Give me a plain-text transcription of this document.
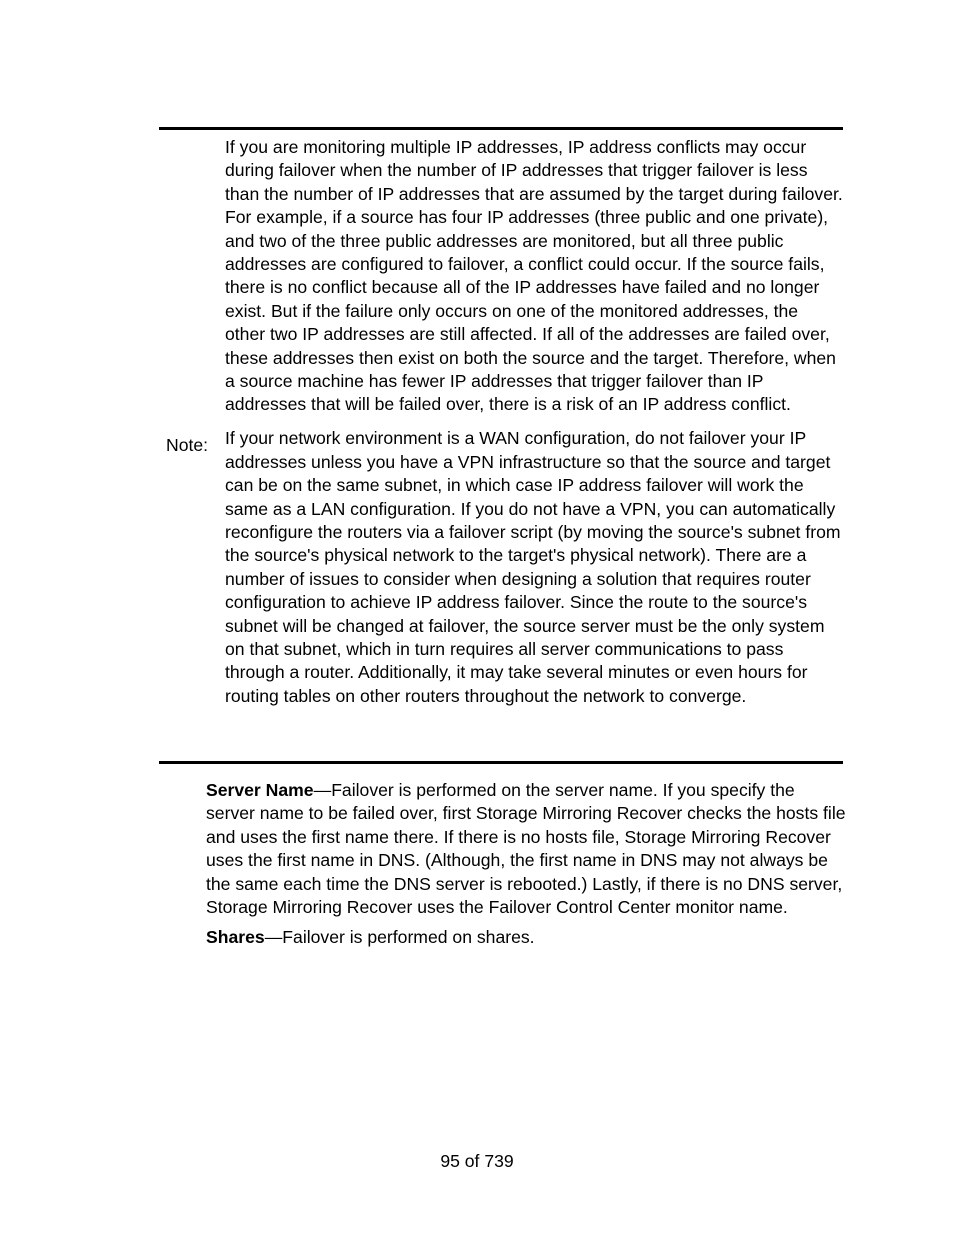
Note:

If you are monitoring multiple IP addresses, IP address conflicts may occur during failover when the number of IP addresses that trigger failover is less than the number of IP addresses that are assumed by the target during failover. For example, if a source has four IP addresses (three public and one private), and two of the three public addresses are monitored, but all three public addresses are configured to failover, a conflict could occur. If the source fails, there is no conflict because all of the IP addresses have failed and no longer exist. But if the failure only occurs on one of the monitored addresses, the other two IP addresses are still affected. If all of the addresses are failed over, these addresses then exist on both the source and the target. Therefore, when a source machine has fewer IP addresses that trigger failover than IP addresses that will be failed over, there is a risk of an IP address conflict.

If your network environment is a WAN configuration, do not failover your IP addresses unless you have a VPN infrastructure so that the source and target can be on the same subnet, in which case IP address failover will work the same as a LAN configuration. If you do not have a VPN, you can automatically reconfigure the routers via a failover script (by moving the source's subnet from the source's physical network to the target's physical network). There are a number of issues to consider when designing a solution that requires router configuration to achieve IP address failover. Since the route to the source's subnet will be changed at failover, the source server must be the only system on that subnet, which in turn requires all server communications to pass through a router. Additionally, it may take several minutes or even hours for routing tables on other routers throughout the network to converge.

Server Name—Failover is performed on the server name. If you specify the server name to be failed over, first Storage Mirroring Recover checks the hosts file and uses the first name there. If there is no hosts file, Storage Mirroring Recover uses the first name in DNS. (Although, the first name in DNS may not always be the same each time the DNS server is rebooted.) Lastly, if there is no DNS server, Storage Mirroring Recover uses the Failover Control Center monitor name.

Shares—Failover is performed on shares.

95 of 739
